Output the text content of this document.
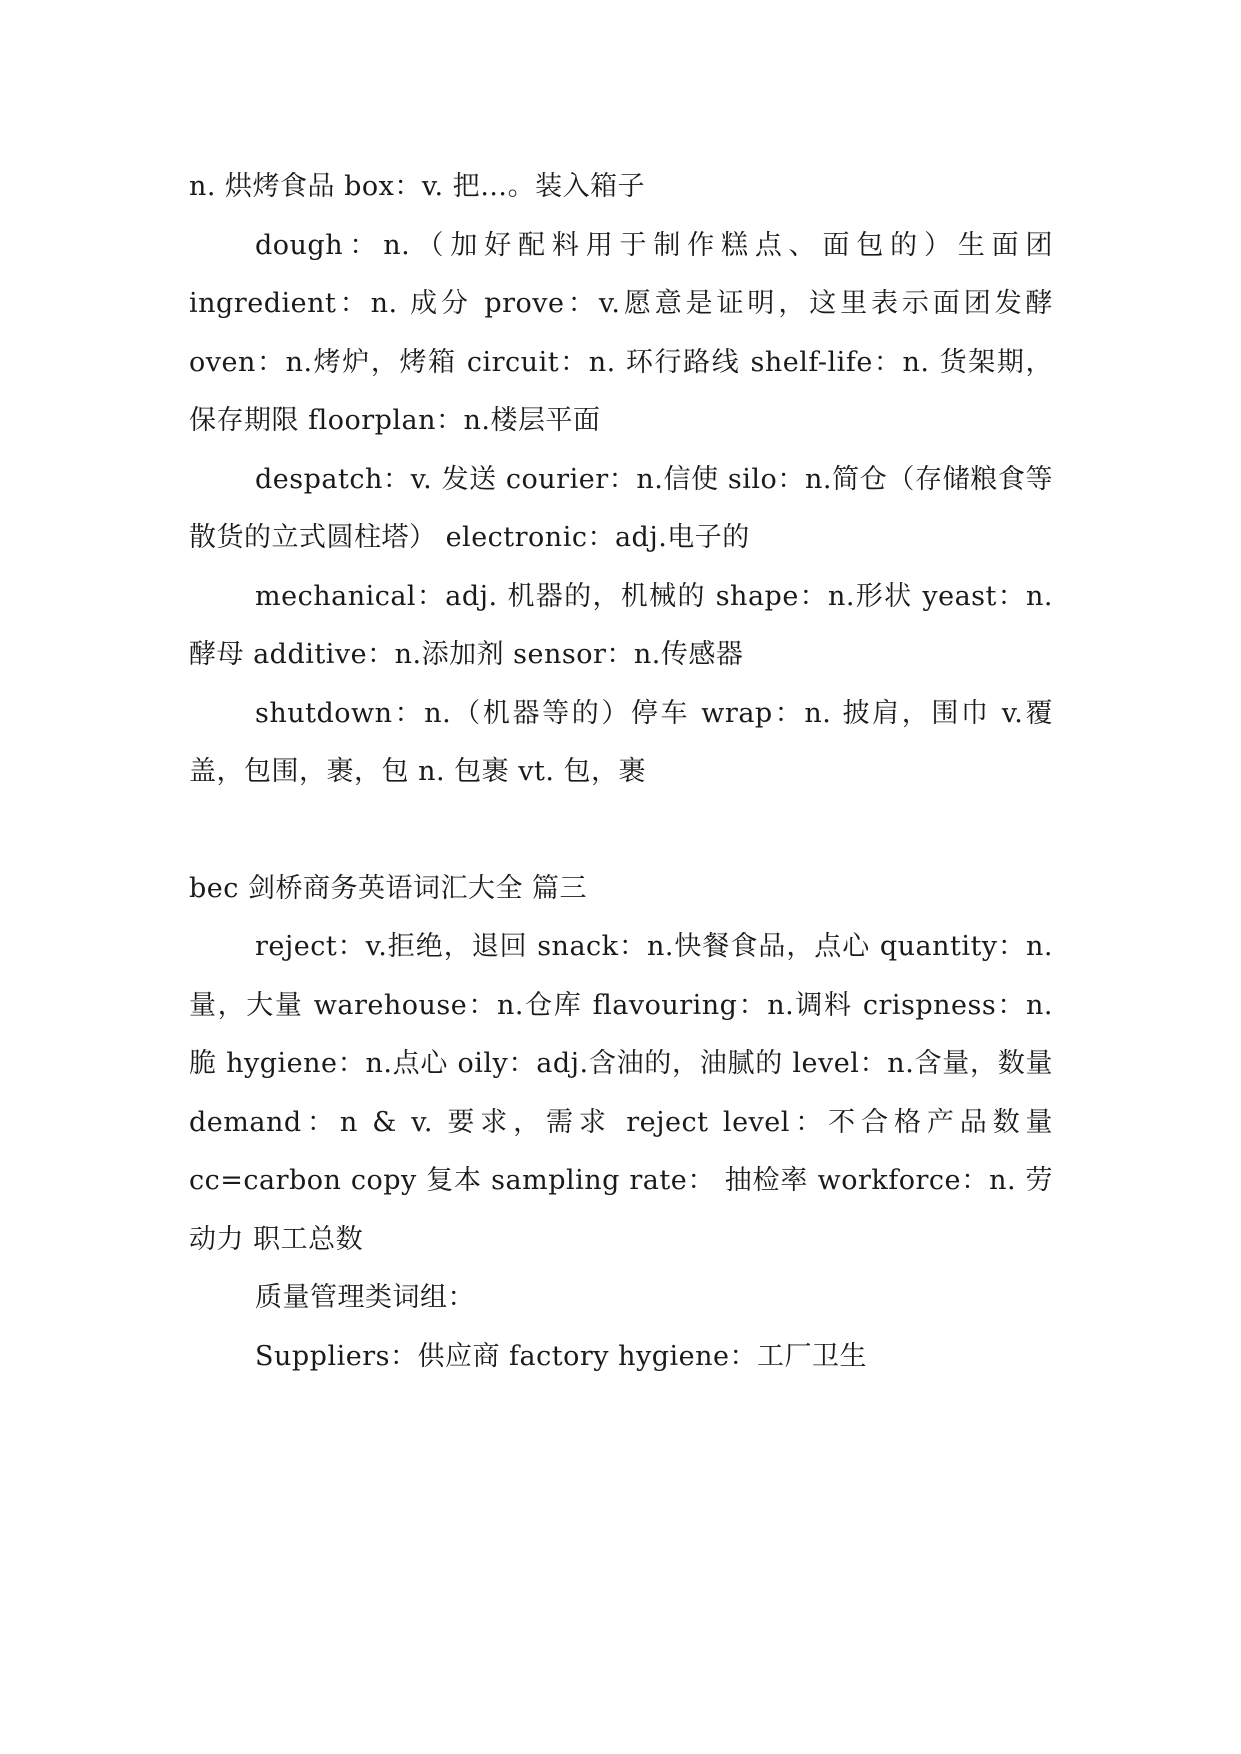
n. 烘烤食品 box：v. 把…。装入箱子

dough：n.（加好配料用于制作糕点、面包的）生面团 ingredient：n. 成分 prove：v.愿意是证明，这里表示面团发酵 oven：n.烤炉，烤箱 circuit：n. 环行路线 shelf-life：n. 货架期，保存期限 floorplan：n.楼层平面

despatch：v. 发送 courier：n.信使 silo：n.简仓（存储粮食等散货的立式圆柱塔） electronic：adj.电子的

mechanical：adj. 机器的，机械的 shape：n.形状 yeast：n. 酵母 additive：n.添加剂 sensor：n.传感器

shutdown：n.（机器等的）停车 wrap：n. 披肩，围巾 v.覆盖，包围，裹，包 n. 包裹 vt. 包，裹

bec 剑桥商务英语词汇大全 篇三

reject：v.拒绝，退回 snack：n.快餐食品，点心 quantity：n.量，大量 warehouse：n.仓库 flavouring：n.调料 crispness：n. 脆 hygiene：n.点心 oily：adj.含油的，油腻的 level：n.含量，数量 demand：n & v. 要求，需求 reject level：不合格产品数量 cc=carbon copy 复本 sampling rate： 抽检率 workforce：n. 劳动力 职工总数

质量管理类词组：

Suppliers：供应商 factory hygiene：工厂卫生
